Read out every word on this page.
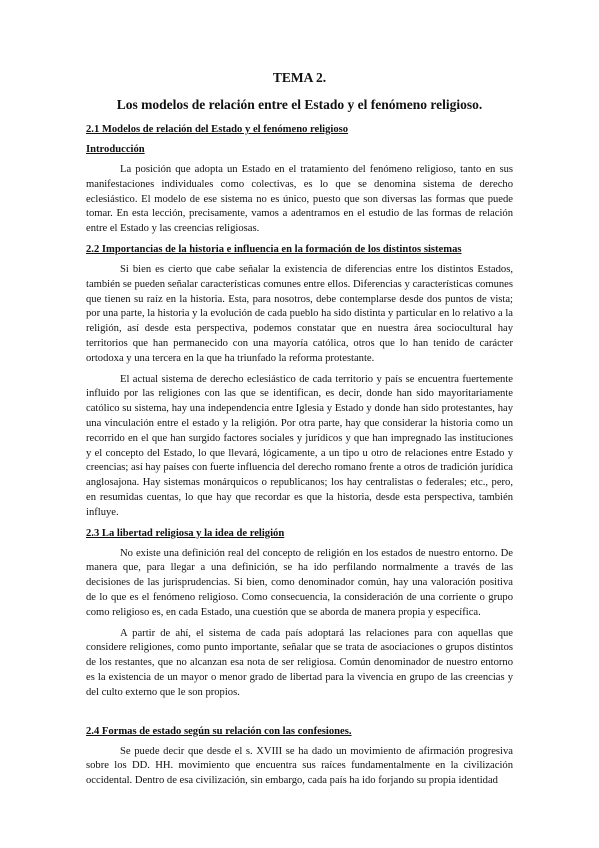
TEMA 2.
Los modelos de relación entre el Estado y el fenómeno religioso.
2.1 Modelos de relación del Estado y el fenómeno religioso
Introducción

La posición que adopta un Estado en el tratamiento del fenómeno religioso, tanto en sus manifestaciones individuales como colectivas, es lo que se denomina sistema de derecho eclesiástico. El modelo de ese sistema no es único, puesto que son diversas las formas que puede tomar. En esta lección, precisamente, vamos a adentramos en el estudio de las formas de relación entre el Estado y las creencias religiosas.

2.2 Importancias de la historia e influencia en la formación de los distintos sistemas

Si bien es cierto que cabe señalar la existencia de diferencias entre los distintos Estados, también se pueden señalar características comunes entre ellos. Diferencias y características comunes que tienen su raíz en la historia. Esta, para nosotros, debe contemplarse desde dos puntos de vista; por una parte, la historia y la evolución de cada pueblo ha sido distinta y particular en lo relativo a la religión, así desde esta perspectiva, podemos constatar que en nuestra área sociocultural hay territorios que han permanecido con una mayoría católica, otros que lo han tenido de carácter ortodoxa y una tercera en la que ha triunfado la reforma protestante.

El actual sistema de derecho eclesiástico de cada territorio y país se encuentra fuertemente influido por las religiones con las que se identifican, es decir, donde han sido mayoritariamente católico su sistema, hay una independencia entre Iglesia y Estado y donde han sido protestantes, hay una vinculación entre el estado y la religión. Por otra parte, hay que considerar la historia como un recorrido en el que han surgido factores sociales y jurídicos y que han impregnado las instituciones y el concepto del Estado, lo que llevará, lógicamente, a un tipo u otro de relaciones entre Estado y creencias; así hay países con fuerte influencia del derecho romano frente a otros de tradición jurídica anglosajona. Hay sistemas monárquicos o republicanos; los hay centralistas o federales; etc., pero, en resumidas cuentas, lo que hay que recordar es que la historia, desde esta perspectiva, también influye.

2.3 La libertad religiosa y la idea de religión

No existe una definición real del concepto de religión en los estados de nuestro entorno. De manera que, para llegar a una definición, se ha ido perfilando normalmente a través de las decisiones de las jurisprudencias. Si bien, como denominador común, hay una valoración positiva de lo que es el fenómeno religioso. Como consecuencia, la consideración de una corriente o grupo como religioso es, en cada Estado, una cuestión que se aborda de manera propia y específica.

A partir de ahí, el sistema de cada país adoptará las relaciones para con aquellas que considere religiones, como punto importante, señalar que se trata de asociaciones o grupos distintos de los restantes, que no alcanzan esa nota de ser religiosa. Común denominador de nuestro entorno es la existencia de un mayor o menor grado de libertad para la vivencia en grupo de las creencias y del culto externo que le son propios.

2.4 Formas de estado según su relación con las confesiones.

Se puede decir que desde el s. XVIII se ha dado un movimiento de afirmación progresiva sobre los DD. HH. movimiento que encuentra sus raíces fundamentalmente en la civilización occidental. Dentro de esa civilización, sin embargo, cada país ha ido forjando su propia identidad
